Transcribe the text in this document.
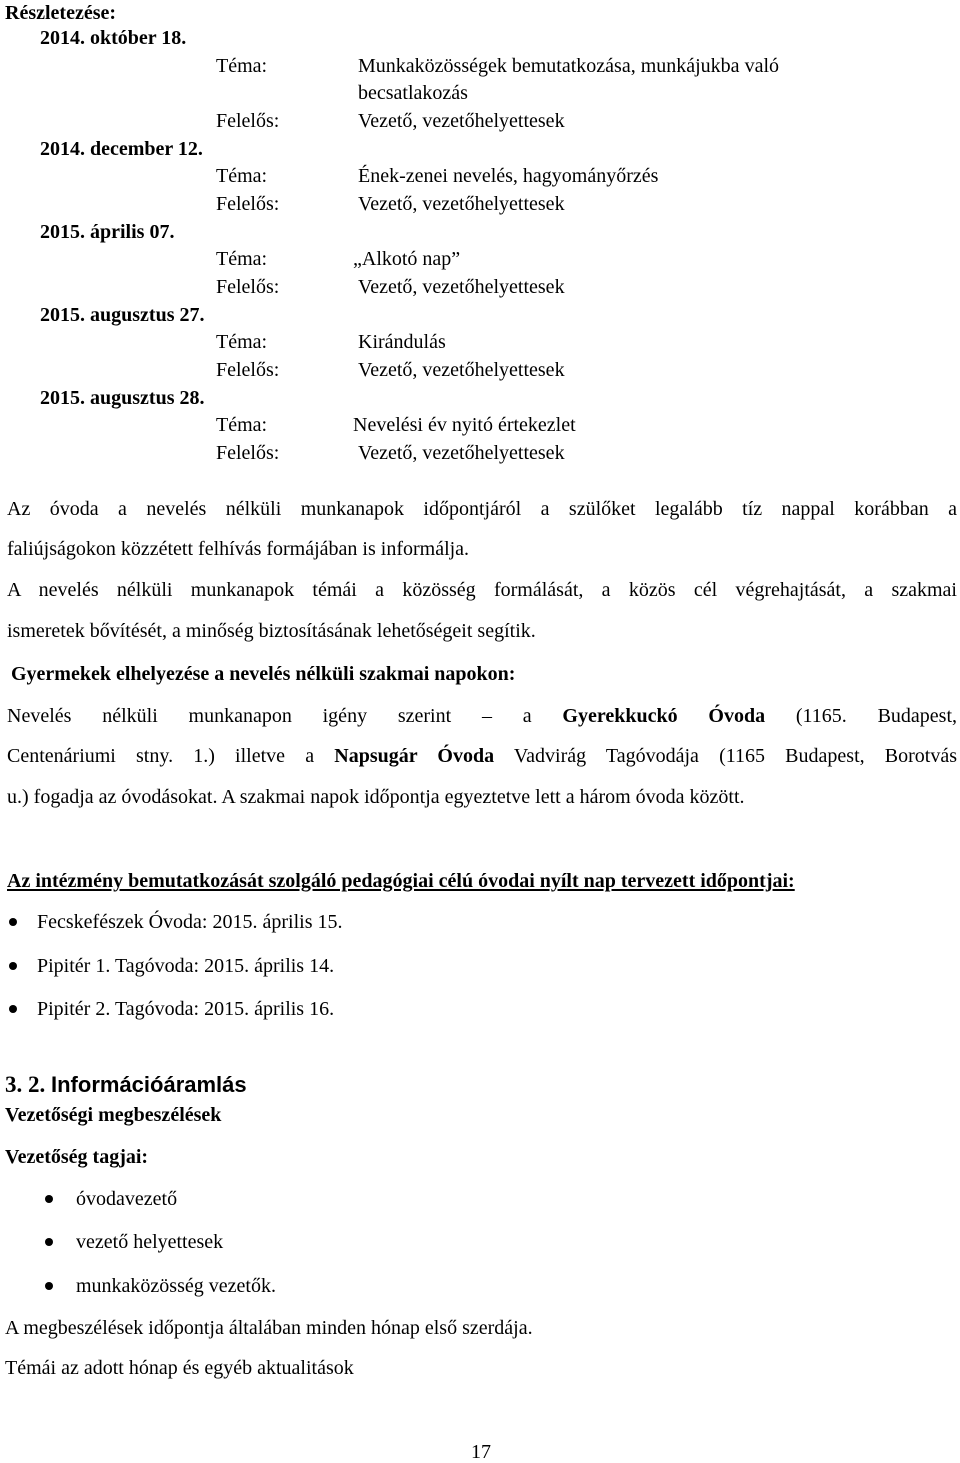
Részletezése:
2014. október 18.
Téma:	Munkaközösségek bemutatkozása, munkájukba való
becsatlakozás
Felelős:	Vezető, vezetőhelyettesek
2014. december 12.
Téma:	Ének-zenei nevelés, hagyományőrzés
Felelős:	Vezető, vezetőhelyettesek
2015. április 07.
Téma:	„Alkotó nap”
Felelős:	Vezető, vezetőhelyettesek
2015. augusztus 27.
Téma:	Kirándulás
Felelős:	Vezető, vezetőhelyettesek
2015. augusztus 28.
Téma:	Nevelési év nyitó értekezlet
Felelős:	Vezető, vezetőhelyettesek
Az óvoda a nevelés nélküli munkanapok időpontjáról a szülőket legalább tíz nappal korábban a
faliújságokon közzétett felhívás formájában is informálja.
A nevelés nélküli munkanapok témái a közösség formálását, a közös cél végrehajtását, a szakmai
ismeretek bővítését, a minőség biztosításának lehetőségeit segítik.
Gyermekek elhelyezése a nevelés nélküli szakmai napokon:
Nevelés nélküli munkanapon igény szerint – a Gyerekkuckó Óvoda (1165. Budapest,
Centenáriumi stny. 1.) illetve a Napsugár Óvoda Vadvirág Tagóvodája (1165 Budapest, Borotvás
u.) fogadja az óvodásokat. A szakmai napok időpontja egyeztetve lett a három óvoda között.
Az intézmény bemutatkozását szolgáló pedagógiai célú óvodai nyílt nap tervezett időpontjai:
Fecskefészek Óvoda: 2015. április 15.
Pipitér 1. Tagóvoda: 2015. április 14.
Pipitér 2. Tagóvoda: 2015. április 16.
3. 2. Információáramlás
Vezetőségi megbeszélések
Vezetőség tagjai:
óvodavezető
vezető helyettesek
munkaközösség vezetők.
A megbeszélések időpontja általában minden hónap első szerdája.
Témái az adott hónap és egyéb aktualitások
17
